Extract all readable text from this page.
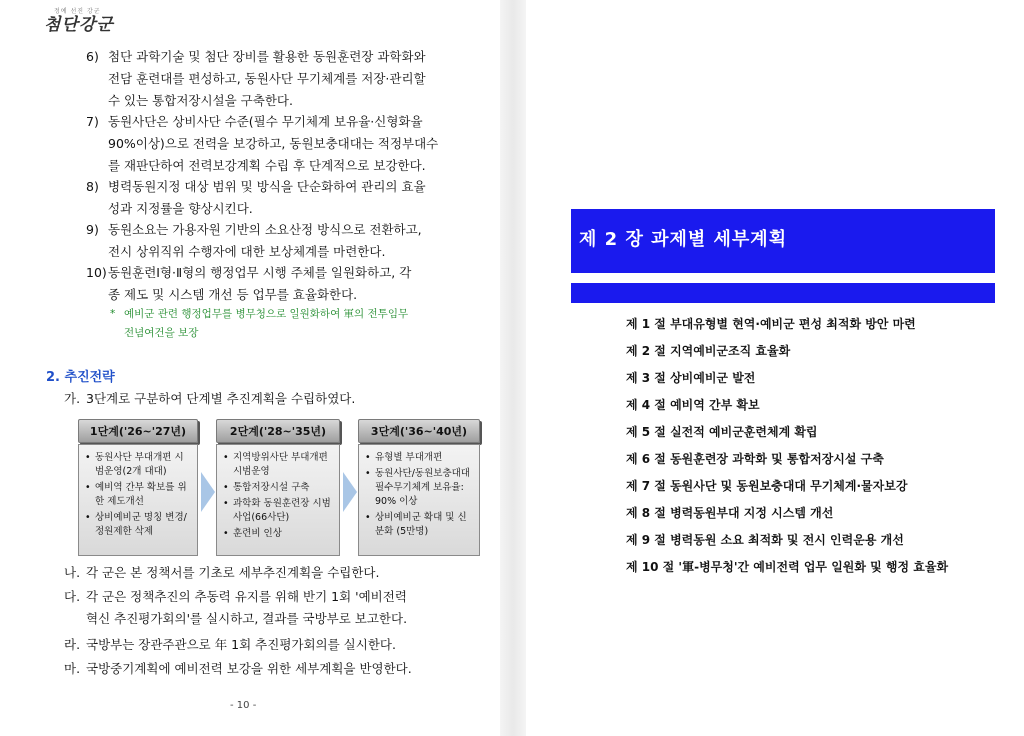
정예 선진 강군
첨단강군
6) 첨단 과학기술 및 첨단 장비를 활용한 동원훈련장 과학화와
전담 훈련대를 편성하고, 동원사단 무기체계를 저장·관리할
수 있는 통합저장시설을 구축한다.
7) 동원사단은 상비사단 수준(필수 무기체계 보유율·신형화율
90%이상)으로 전력을 보강하고, 동원보충대대는 적정부대수
를 재판단하여 전력보강계획 수립 후 단계적으로 보강한다.
8) 병력동원지정 대상 범위 및 방식을 단순화하여 관리의 효율
성과 지정률을 향상시킨다.
9) 동원소요는 가용자원 기반의 소요산정 방식으로 전환하고,
전시 상위직위 수행자에 대한 보상체계를 마련한다.
10) 동원훈련Ⅰ형·Ⅱ형의 행정업무 시행 주체를 일원화하고, 각
종 제도 및 시스템 개선 등 업무를 효율화한다.
* 예비군 관련 행정업무를 병무청으로 일원화하여 軍의 전투임무
전념여건을 보장
2. 추진전략
가. 3단계로 구분하여 단계별 추진계획을 수립하였다.
1단계('26~'27년)
• 동원사단 부대개편 시범운영(2개 대대)
• 예비역 간부 확보를 위한 제도개선
• 상비예비군 명칭 변경/정원제한 삭제
2단계('28~'35년)
• 지역방위사단 부대개편 시범운영
• 통합저장시설 구축
• 과학화 동원훈련장 시범사업(66사단)
• 훈련비 인상
3단계('36~'40년)
• 유형별 부대개편
• 동원사단/동원보충대대 필수무기체계 보유율: 90% 이상
• 상비예비군 확대 및 신분화 (5만명)
나. 각 군은 본 정책서를 기초로 세부추진계획을 수립한다.
다. 각 군은 정책추진의 추동력 유지를 위해 반기 1회 '예비전력
혁신 추진평가회의'를 실시하고, 결과를 국방부로 보고한다.
라. 국방부는 장관주관으로 年 1회 추진평가회의를 실시한다.
마. 국방중기계획에 예비전력 보강을 위한 세부계획을 반영한다.
- 10 -
제 2 장 과제별 세부계획
제 1 절 부대유형별 현역·예비군 편성 최적화 방안 마련
제 2 절 지역예비군조직 효율화
제 3 절 상비예비군 발전
제 4 절 예비역 간부 확보
제 5 절 실전적 예비군훈련체계 확립
제 6 절 동원훈련장 과학화 및 통합저장시설 구축
제 7 절 동원사단 및 동원보충대대 무기체계·물자보강
제 8 절 병력동원부대 지정 시스템 개선
제 9 절 병력동원 소요 최적화 및 전시 인력운용 개선
제 10 절 '軍-병무청'간 예비전력 업무 일원화 및 행정 효율화
